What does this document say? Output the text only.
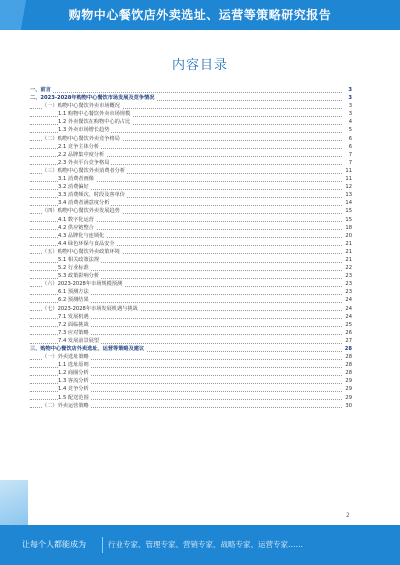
购物中心餐饮店外卖选址、运营等策略研究报告
内容目录
一、前言	3
二、2023-2028年购物中心餐饮市场发展及竞争情况	3
（一）购物中心餐饮外卖市场概况	3
1.1 购物中心餐饮外卖市场规模	3
1.2 外卖餐饮在购物中心的占比	4
1.3 外卖市场增长趋势	5
（二）购物中心餐饮外卖竞争格局	6
2.1 竞争主体分析	6
2.2 品牌集中度分析	7
2.3 外卖平台竞争格局	7
（三）购物中心餐饮外卖消费者分析	11
3.1 消费者画像	11
3.2 消费偏好	12
3.3 消费频次、时段及客单价	13
3.4 消费者满意度分析	14
（四）购物中心餐饮外卖发展趋势	15
4.1 数字化运营	15
4.2 供应链整合	18
4.3 品牌化与连锁化	20
4.4 绿色环保与食品安全	21
（五）购物中心餐饮外卖政策环境	21
5.1 相关政策法规	21
5.2 行业标准	22
5.3 政策影响分析	23
（六）2023-2028年市场规模预测	23
6.1 预测方法	23
6.2 预测结果	24
（七）2023-2028年市场发展机遇与挑战	24
7.1 发展机遇	24
7.2 面临挑战	25
7.3 应对策略	26
7.4 发展前景展望	27
三、购物中心餐饮店外卖选址、运营等策略及建议	28
（一）外卖选址策略	28
1.1 选址原则	28
1.2 商圈分析	28
1.3 客流分析	29
1.4 竞争分析	29
1.5 配送范围	29
（二）外卖运营策略	30
让每个人都能成为	行业专家、管理专家、营销专家、战略专家、运营专家……
2
